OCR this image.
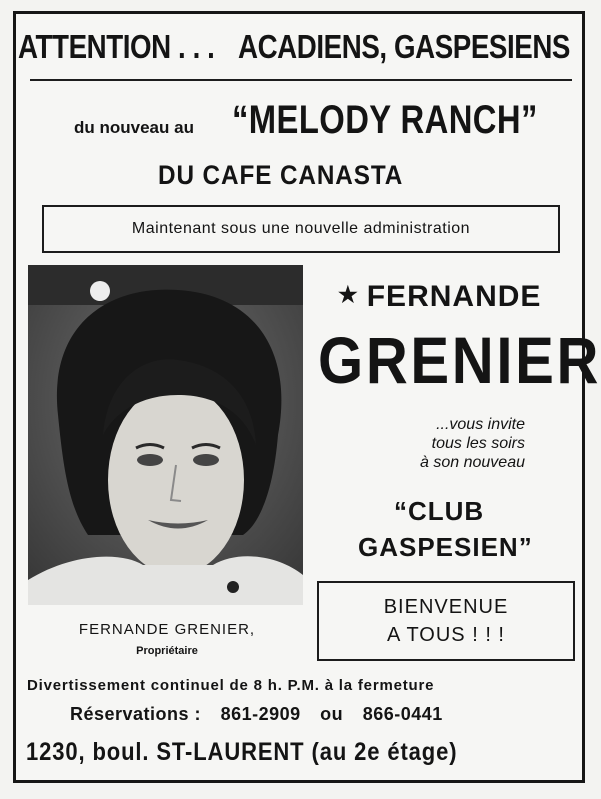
ATTENTION . . . ACADIENS, GASPESIENS
du nouveau au “MELODY RANCH”
DU CAFE CANASTA
Maintenant sous une nouvelle administration
★ FERNANDE
GRENIER
...vous invite
tous les soirs
à son nouveau
“CLUB
GASPESIEN”
BIENVENUE
A TOUS ! ! !
FERNANDE GRENIER,
Propriétaire
Divertissement continuel de 8 h. P.M. à la fermeture
Réservations : 861-2909 ou 866-0441
1230, boul. ST-LAURENT (au 2e étage)
